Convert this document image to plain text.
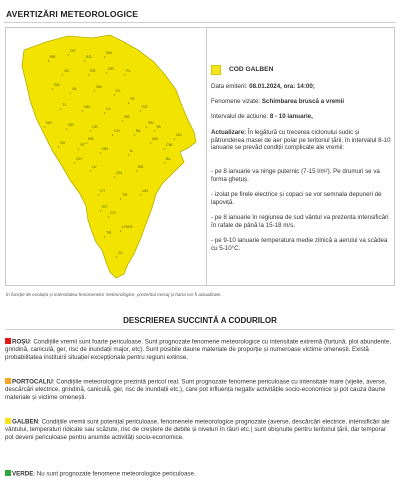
AVERTIZĂRI METEOROLOGICE
BR
OC
ED
DN
SC	RS	DR	FL
SD
GL	SN
FL
ST
RZ
TL	UN	CL
SR
NS	OR	CR
CH	BL
AN
SV	ST
HN	IL
CM
LV
CN
BS
CT
TR
CS
UTAG
CH
SN
BL
TR
CL
TA
UN
NS
RT
OC
COD GALBEN
Data emiterii: 08.01.2024, ora: 14:00;
Fenomene vizate: Schimbarea bruscă a vremii
Intervalul de acțiune: 8 - 10 ianuarie,
Actualizare: În legătură cu trecerea ciclonului sudic și pătrunderea masei de aer polar pe teritoriul țării, în intervalul 8-10 ianuarie se prevăd condiții complicate ale vremii:
- pe 8 ianuarie va ninge puternic (7-15 l/m²). Pe drumuri se va forma ghețuș.
- izolat pe firele electrice și copaci se vor semnala depuneri de lapoviță.
- pe 8 ianuarie în regiunea de sud vântul va prezenta intensificări în rafale de până la 15-18 m/s.
- pe 9-10 ianuarie temperatura medie zilnică a aerului va scădea cu 5-10°C.
În funcție de evoluția și intensitatea fenomenelor meteorologice, prezentul mesaj și harta vor fi actualizate.
DESCRIEREA SUCCINTĂ A CODURILOR
ROȘU: Condițiile vremii sunt foarte periculoase. Sunt prognozate fenomene meteorologice cu intensitate extremă (furtună, ploi abundente, grindină, caniculă, ger, risc de inundații major, etc). Sunt posibile daune materiale de proporție și numeroase victime omenești. Există probabilitatea instituirii situației excepționale pentru regiuni extinse.
PORTOCALIU: Condițiile meteorologice prezintă pericol real. Sunt prognozate fenomene periculoase cu intensitate mare (vijelie, averse, descărcări electrice, grindină, caniculă, ger, risc de inundații etc.), care pot influența negativ activitățile socio-economice și pot cauza daune materiale și victime omenești.
GALBEN: Condițiile vremii sunt potențial periculoase, fenomenele meteorologice prognozate (averse, descărcări electrice, intensificări ale vântului, temperaturi ridicate sau scăzute, risc de creștere de debite și niveluri în râuri etc.) sunt obișnuite pentru teritoriul țării, dar temporar pot deveni periculoase pentru anumite activități socio-economice.
VERDE: Nu sunt prognozate fenomene meteorologice periculoase.
